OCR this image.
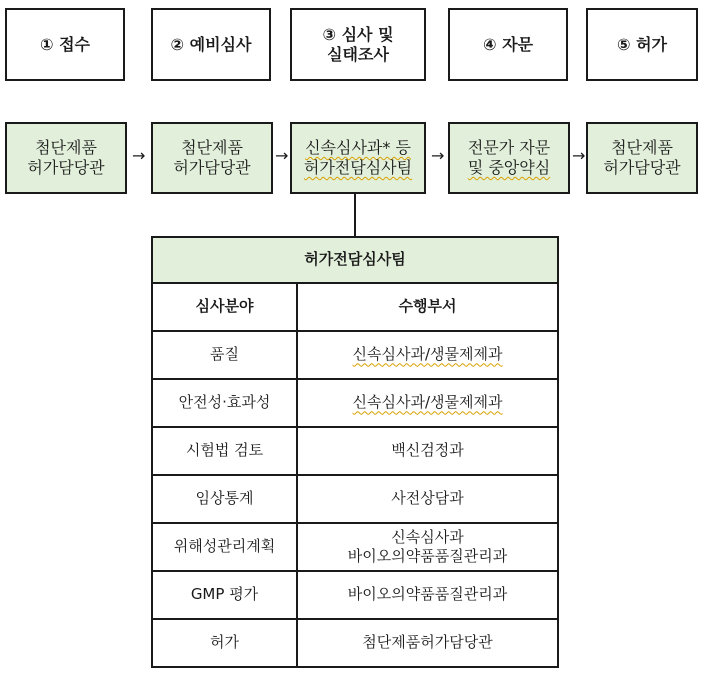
① 접수	② 예비심사
③ 심사 및
실태조사
④ 자문	⑤ 허가
첨단제품
허가담당관
→	첨단제품
허가담당관
→ 신속심사과* 등
허가전담심사팀
→ 전문가 자문
및 중앙약심
→	첨단제품
허가담당관
허가전담심사팀	
심사분야	수행부서
품질	신속심사과/생물제제과
안전성·효과성	신속심사과/생물제제과
시험법 검토	백신검정과
임상통계	사전상담과
위해성관리계획	신속심사과
바이오의약품품질관리과

GMP 평가	바이오의약품품질관리과
허가	첨단제품허가담당관
